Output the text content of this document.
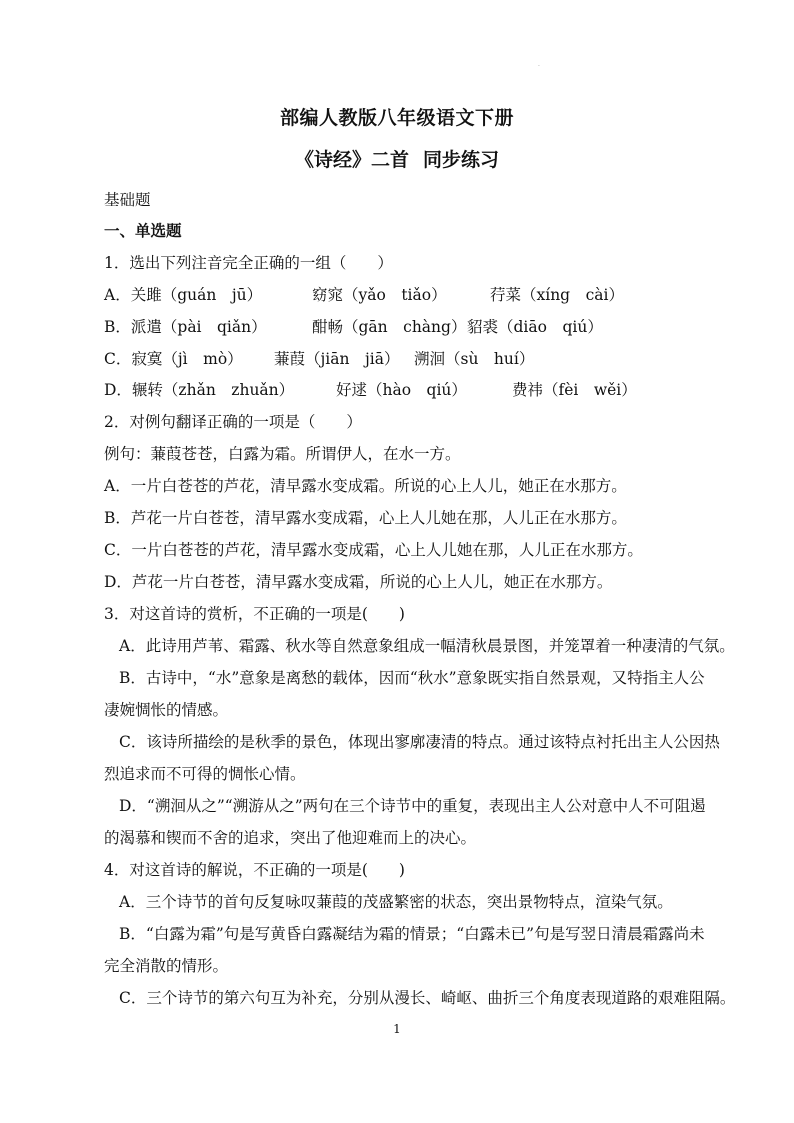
·
部编人教版八年级语文下册
《诗经》二首 同步练习
基础题
一、单选题
1．选出下列注音完全正确的一组（　　）
A．关雎（guán　jū）	窈窕（yǎo　tiǎo）	荇菜（xíng　cài）
B．派遣（pài　qiǎn）	酣畅（gān　chàng）貂裘（diāo　qiú）
C．寂寞（jì　mò） 蒹葭（jiān　jiā） 溯洄（sù　huí）
D．辗转（zhǎn　zhuǎn）	好逑（hào　qiú）	费祎（fèi　wěi）
2．对例句翻译正确的一项是（　　）
例句：蒹葭苍苍，白露为霜。所谓伊人，在水一方。
A．一片白苍苍的芦花，清早露水变成霜。所说的心上人儿，她正在水那方。
B．芦花一片白苍苍，清早露水变成霜，心上人儿她在那，人儿正在水那方。
C．一片白苍苍的芦花，清早露水变成霜，心上人儿她在那，人儿正在水那方。
D．芦花一片白苍苍，清早露水变成霜，所说的心上人儿，她正在水那方。
3．对这首诗的赏析，不正确的一项是(　　)
A．此诗用芦苇、霜露、秋水等自然意象组成一幅清秋晨景图，并笼罩着一种凄清的气氛。
B．古诗中，“水”意象是离愁的载体，因而“秋水”意象既实指自然景观，又特指主人公
凄婉惆怅的情感。
C．该诗所描绘的是秋季的景色，体现出寥廓凄清的特点。通过该特点衬托出主人公因热
烈追求而不可得的惆怅心情。
D．“溯洄从之”“溯游从之”两句在三个诗节中的重复，表现出主人公对意中人不可阻遏
的渴慕和锲而不舍的追求，突出了他迎难而上的决心。
4．对这首诗的解说，不正确的一项是(　　)
A．三个诗节的首句反复咏叹蒹葭的茂盛繁密的状态，突出景物特点，渲染气氛。
B．“白露为霜”句是写黄昏白露凝结为霜的情景；“白露未已”句是写翌日清晨霜露尚未
完全消散的情形。
C．三个诗节的第六句互为补充，分别从漫长、崎岖、曲折三个角度表现道路的艰难阻隔。
1
